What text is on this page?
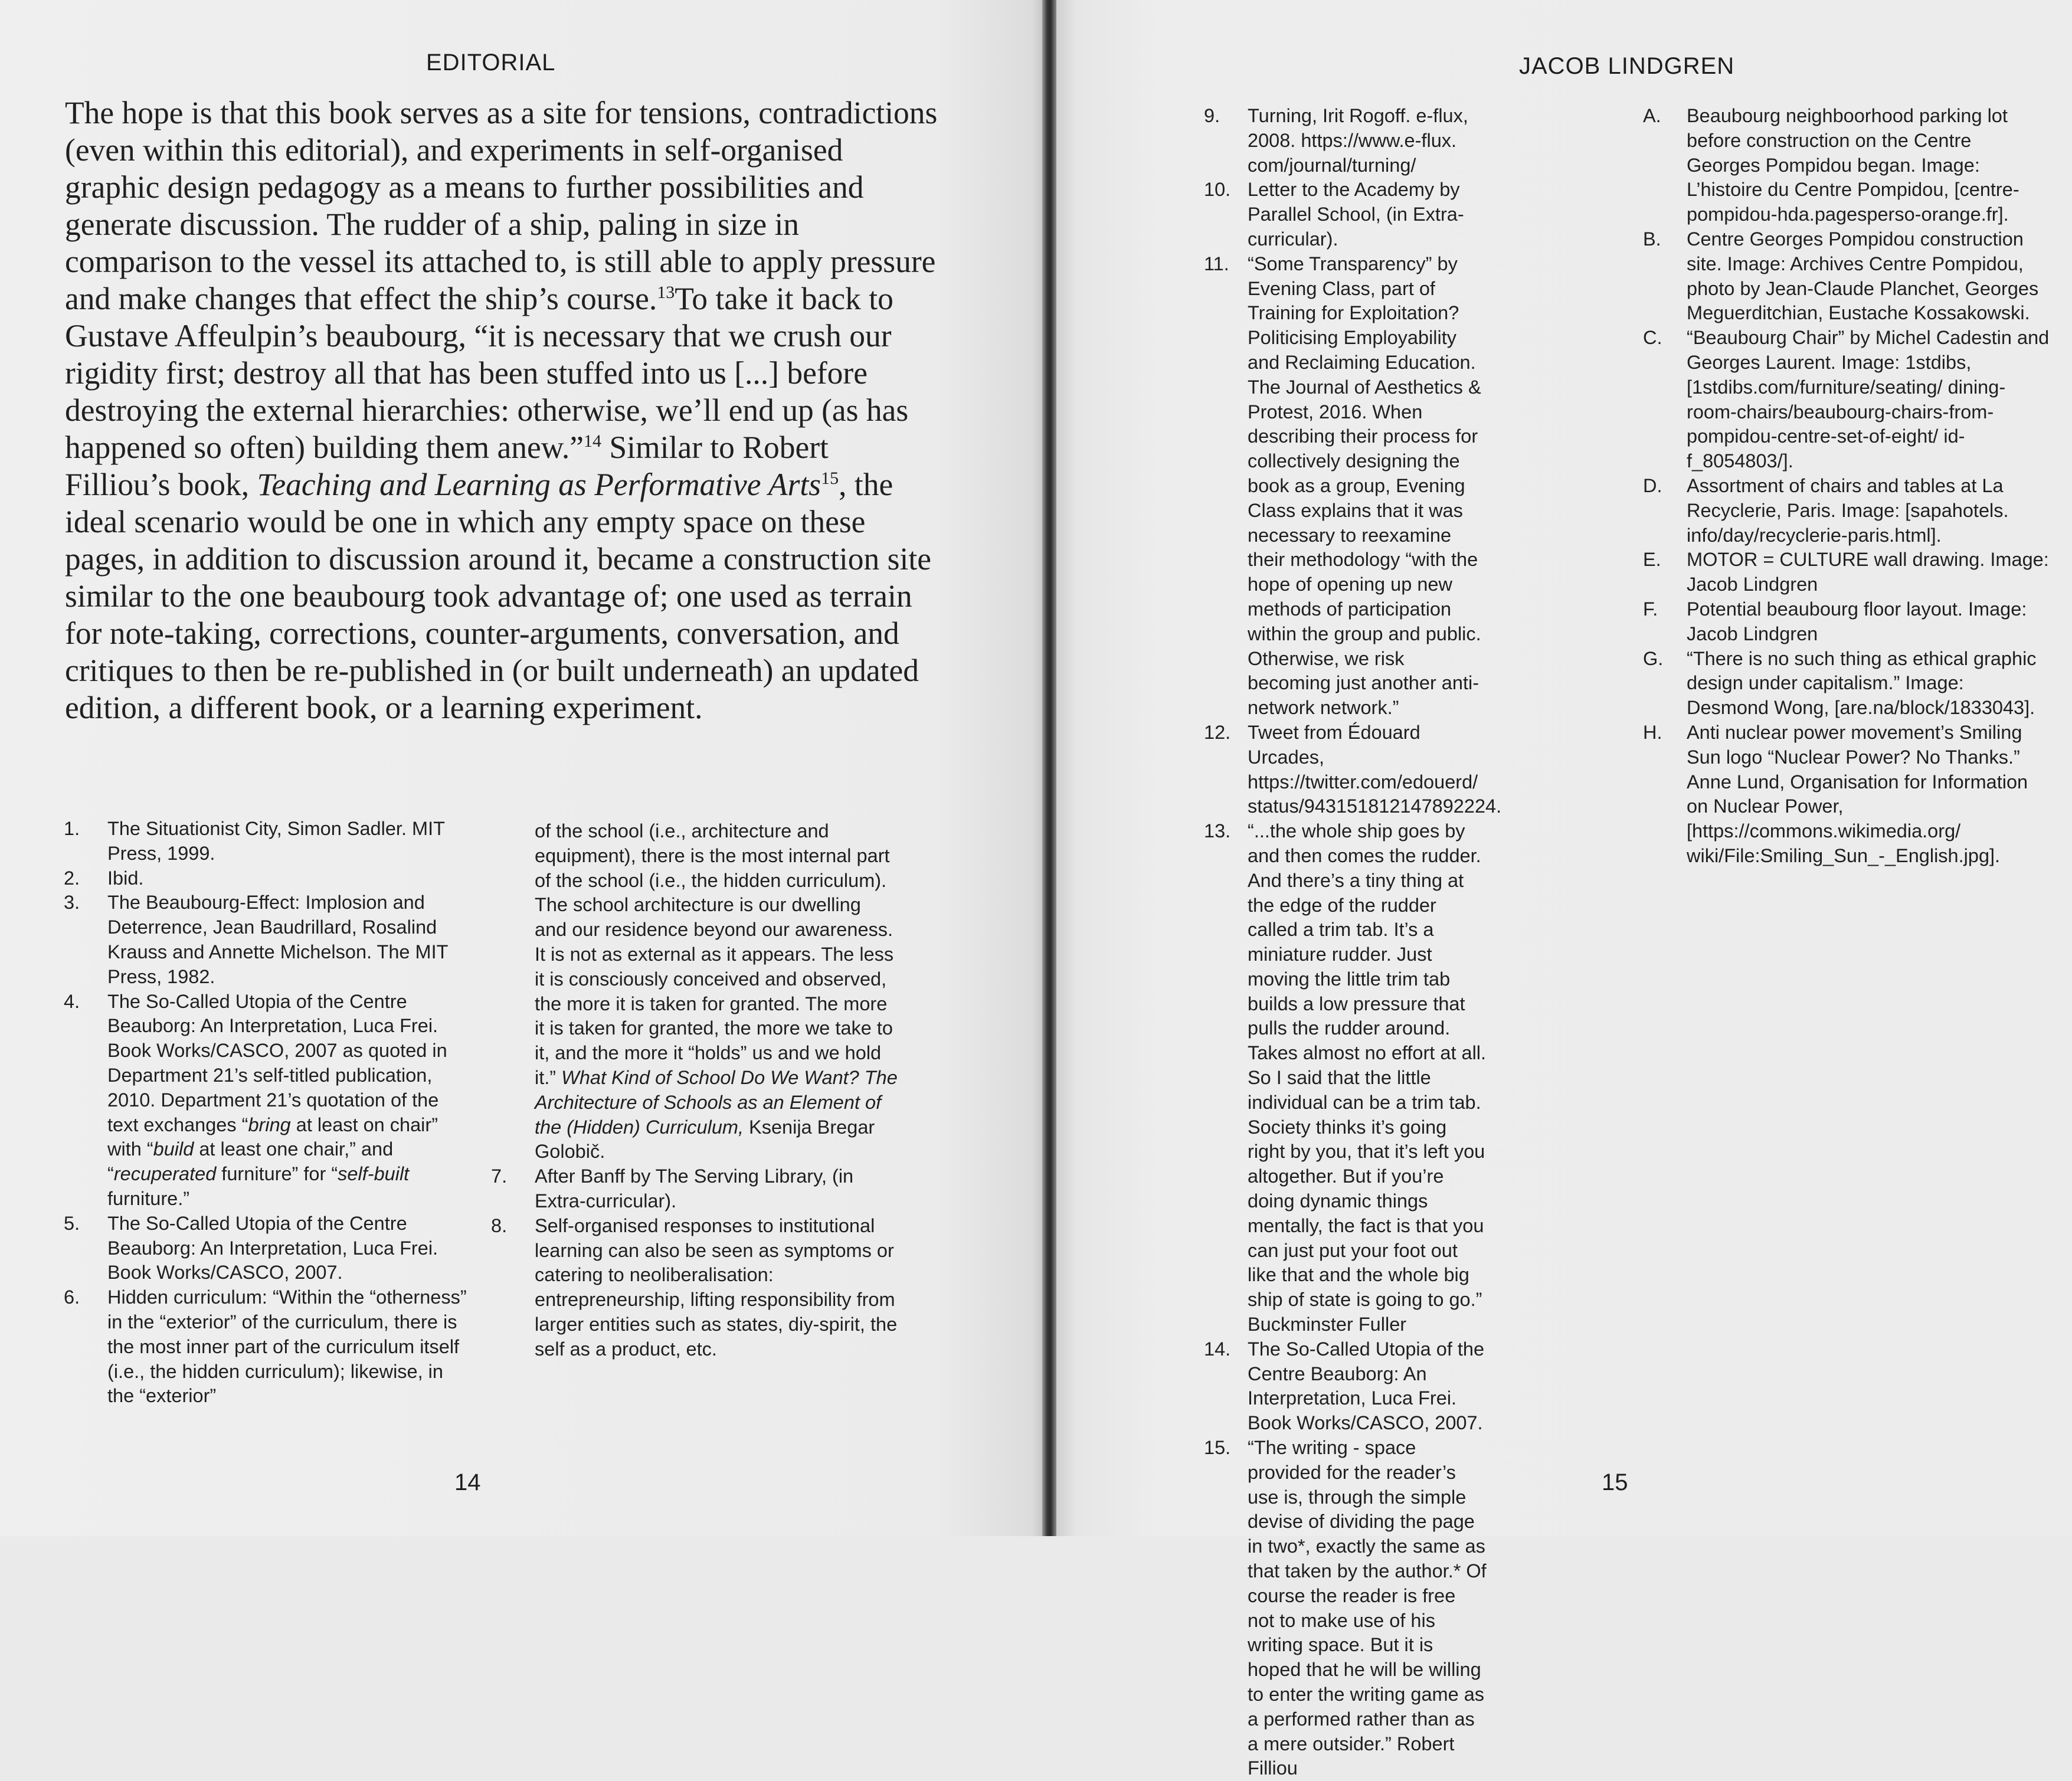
EDITORIAL

The hope is that this book serves as a site for tensions, contradictions (even within this editorial), and experiments in self-organised graphic design pedagogy as a means to further possibilities and generate discussion. The rudder of a ship, paling in size in comparison to the vessel its attached to, is still able to apply pressure and make changes that effect the ship’s course.$^{13}$To take it back to Gustave Affeulpin’s beaubourg, “it is necessary that we crush our rigidity first; destroy all that has been stuffed into us [...] before destroying the external hierarchies: otherwise, we’ll end up (as has happened so often) building them anew.”$^{14}$ Similar to Robert Filliou’s book, Teaching and Learning as Performative Arts$^{15}$, the ideal scenario would be one in which any empty space on these pages, in addition to discussion around it, became a construction site similar to the one beaubourg took advantage of; one used as terrain for note-taking, corrections, counter-arguments, conversation, and critiques to then be re-published in (or built underneath) an updated edition, a different book, or a learning experiment.

1. The Situationist City, Simon Sadler. MIT Press, 1999.
2. Ibid.
3. The Beaubourg-Effect: Implosion and Deterrence, Jean Baudrillard, Rosalind Krauss and Annette Michelson. The MIT Press, 1982.
4. The So-Called Utopia of the Centre Beauborg: An Interpretation, Luca Frei. Book Works/CASCO, 2007 as quoted in Department 21’s self-titled publication, 2010. Department 21’s quotation of the text exchanges “bring at least on chair” with “build at least one chair,” and “recuperated furniture” for “self-built furniture.”
5. The So-Called Utopia of the Centre Beauborg: An Interpretation, Luca Frei. Book Works/CASCO, 2007.
6. Hidden curriculum: “Within the “otherness” in the “exterior” of the curriculum, there is the most inner part of the curriculum itself (i.e., the hidden curriculum); likewise, in the “exterior”
of the school (i.e., architecture and equipment), there is the most internal part of the school (i.e., the hidden curriculum). The school architecture is our dwelling and our residence beyond our awareness. It is not as external as it appears. The less it is consciously conceived and observed, the more it is taken for granted. The more it is taken for granted, the more we take to it, and the more it “holds” us and we hold it.” What Kind of School Do We Want? The Architecture of Schools as an Element of the (Hidden) Curriculum, Ksenija Bregar Golobič.
7. After Banff by The Serving Library, (in Extra-curricular).
8. Self-organised responses to institutional learning can also be seen as symptoms or catering to neoliberalisation: entrepreneurship, lifting responsibility from larger entities such as states, diy-spirit, the self as a product, etc.
14
JACOB LINDGREN
9. Turning, Irit Rogoff. e-flux, 2008. https://www.e-flux. com/journal/turning/
10. Letter to the Academy by Parallel School, (in Extra-curricular).
11. “Some Transparency” by Evening Class, part of Training for Exploitation? Politicising Employability and Reclaiming Education. The Journal of Aesthetics & Protest, 2016. When describing their process for collectively designing the book as a group, Evening Class explains that it was necessary to reexamine their methodology “with the hope of opening up new methods of participation within the group and public. Otherwise, we risk becoming just another anti-network network.”
12. Tweet from Édouard Urcades, https://twitter.com/edouerd/ status/943151812147892224.
13. “...the whole ship goes by and then comes the rudder. And there’s a tiny thing at the edge of the rudder called a trim tab. It’s a miniature rudder. Just moving the little trim tab builds a low pressure that pulls the rudder around. Takes almost no effort at all. So I said that the little individual can be a trim tab. Society thinks it’s going right by you, that it’s left you altogether. But if you’re doing dynamic things mentally, the fact is that you can just put your foot out like that and the whole big ship of state is going to go.” Buckminster Fuller
14. The So-Called Utopia of the Centre Beauborg: An Interpretation, Luca Frei. Book Works/CASCO, 2007.
15. “The writing - space provided for the reader’s use is, through the simple devise of dividing the page in two*, exactly the same as that taken by the author.* Of course the reader is free not to make use of his writing space. But it is hoped that he will be willing to enter the writing game as a performed rather than as a mere outsider.” Robert Filliou
A. Beaubourg neighboorhood parking lot before construction on the Centre Georges Pompidou began. Image: L’histoire du Centre Pompidou, [centre-pompidou-hda.pagesperso-orange.fr].
B. Centre Georges Pompidou construction site. Image: Archives Centre Pompidou, photo by Jean-Claude Planchet, Georges Meguerditchian, Eustache Kossakowski.
C. “Beaubourg Chair” by Michel Cadestin and Georges Laurent. Image: 1stdibs, [1stdibs.com/furniture/seating/ dining-room-chairs/beaubourg-chairs-from-pompidou-centre-set-of-eight/ id-f_8054803/].
D. Assortment of chairs and tables at La Recyclerie, Paris. Image: [sapahotels. info/day/recyclerie-paris.html].
E. MOTOR = CULTURE wall drawing. Image: Jacob Lindgren
F. Potential beaubourg floor layout. Image: Jacob Lindgren
G. “There is no such thing as ethical graphic design under capitalism.” Image: Desmond Wong, [are.na/block/1833043].
H. Anti nuclear power movement’s Smiling Sun logo “Nuclear Power? No Thanks.” Anne Lund, Organisation for Information on Nuclear Power, [https://commons.wikimedia.org/ wiki/File:Smiling_Sun_-_English.jpg].
15
